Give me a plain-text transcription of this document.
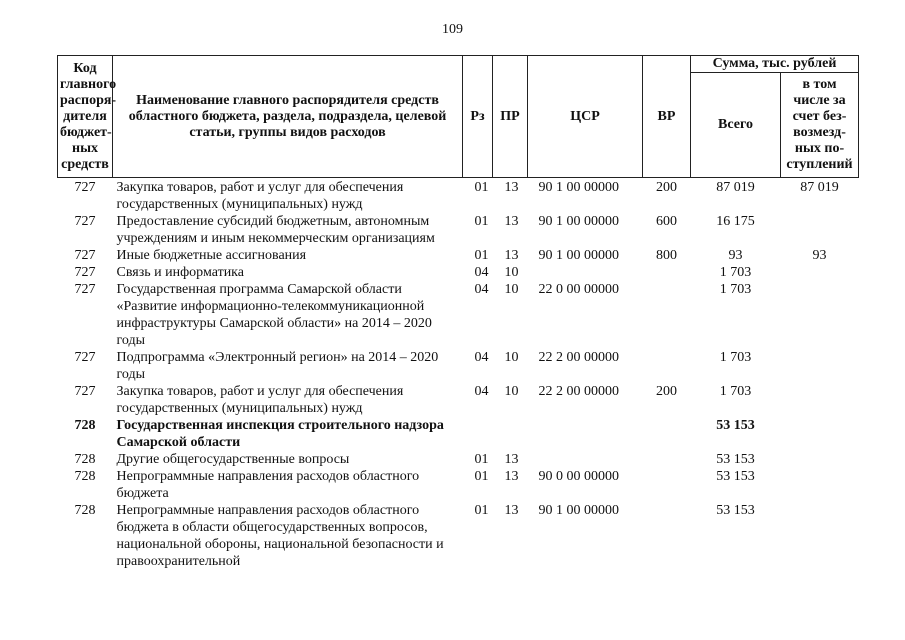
109
Код главного распоря-дителя бюджет-ных средств	Наименование главного распорядителя средств областного бюджета, раздела, подраздела, целевой статьи, группы видов расходов	Рз	ПР	ЦСР	ВР	Сумма, тыс. рублей	
						Всего	в том числе за счет без-возмезд-ных по-ступлений
727	Закупка товаров, работ и услуг для обеспечения государственных (муниципальных) нужд	01	13	90 1 00 00000	200	87 019	87 019
727	Предоставление субсидий бюджетным, автономным учреждениям и иным некоммерческим организациям	01	13	90 1 00 00000	600	16 175	
727	Иные бюджетные ассигнования	01	13	90 1 00 00000	800	93	93
727	Связь и информатика	04	10			1 703	
727	Государственная программа Самарской области «Развитие информационно-телекоммуникационной инфраструктуры Самарской области» на 2014 – 2020 годы	04	10	22 0 00 00000		1 703	
727	Подпрограмма «Электронный регион» на 2014 – 2020 годы	04	10	22 2 00 00000		1 703	
727	Закупка товаров, работ и услуг для обеспечения государственных (муниципальных) нужд	04	10	22 2 00 00000	200	1 703	
728	Государственная инспекция строительного надзора Самарской области					53 153	
728	Другие общегосударственные вопросы	01	13			53 153	
728	Непрограммные направления расходов областного бюджета	01	13	90 0 00 00000		53 153	
728	Непрограммные направления расходов областного бюджета в области общегосударственных вопросов, национальной обороны, национальной безопасности и правоохранительной	01	13	90 1 00 00000		53 153	
